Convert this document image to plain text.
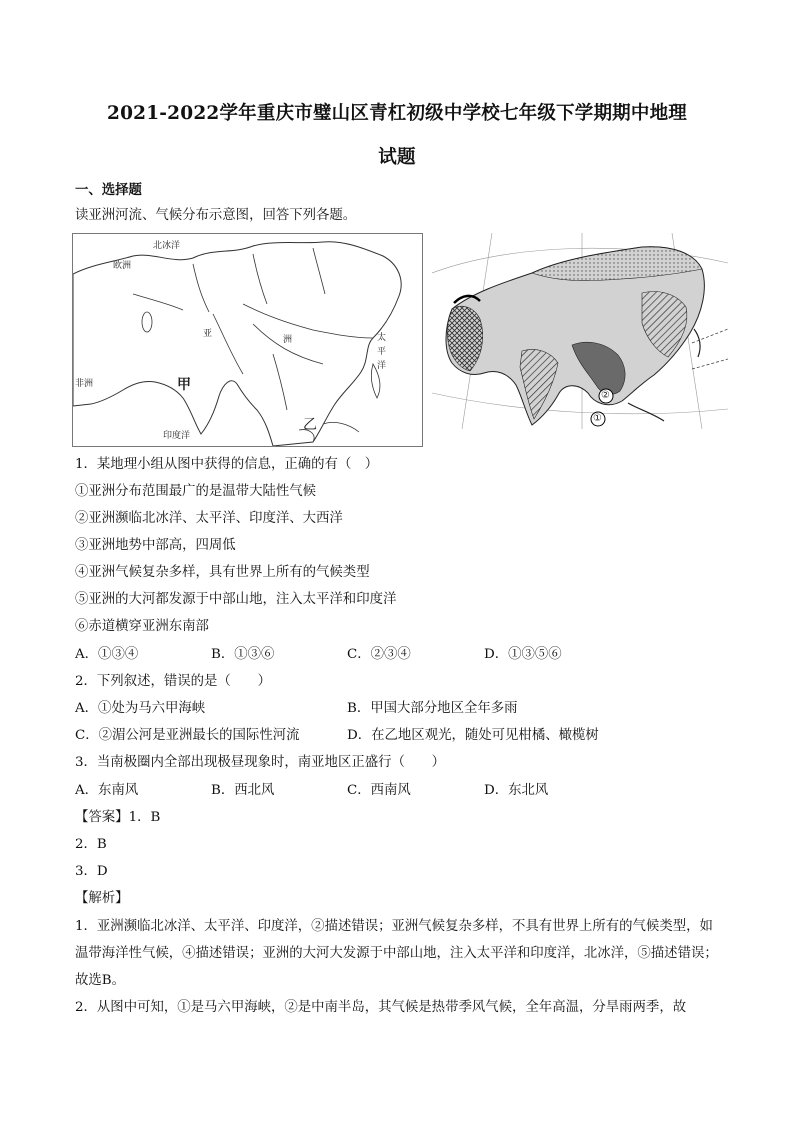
2021-2022学年重庆市璧山区青杠初级中学校七年级下学期期中地理
试题
一、选择题
读亚洲河流、气候分布示意图，回答下列各题。
北冰洋
欧洲
亚
洲	太
平
洋
非洲	甲
印度洋
乙
②
①
1．某地理小组从图中获得的信息，正确的有（　）
①亚洲分布范围最广的是温带大陆性气候
②亚洲濒临北冰洋、太平洋、印度洋、大西洋
③亚洲地势中部高，四周低
④亚洲气候复杂多样，具有世界上所有的气候类型
⑤亚洲的大河都发源于中部山地，注入太平洋和印度洋
⑥赤道横穿亚洲东南部
A．①③④	B．①③⑥	C．②③④	D．①③⑤⑥
2．下列叙述，错误的是（　　）
A．①处为马六甲海峡	B．甲国大部分地区全年多雨
C．②湄公河是亚洲最长的国际性河流	D．在乙地区观光，随处可见柑橘、橄榄树
3．当南极圈内全部出现极昼现象时，南亚地区正盛行（　　）
A．东南风	B．西北风	C．西南风	D．东北风
【答案】1．B
2．B
3．D
【解析】
1．亚洲濒临北冰洋、太平洋、印度洋，②描述错误；亚洲气候复杂多样，不具有世界上所有的气候类型，如温带海洋性气候，④描述错误；亚洲的大河大发源于中部山地，注入太平洋和印度洋，北冰洋，⑤描述错误；故选B。
2．从图中可知，①是马六甲海峡，②是中南半岛，其气候是热带季风气候，全年高温，分旱雨两季，故
